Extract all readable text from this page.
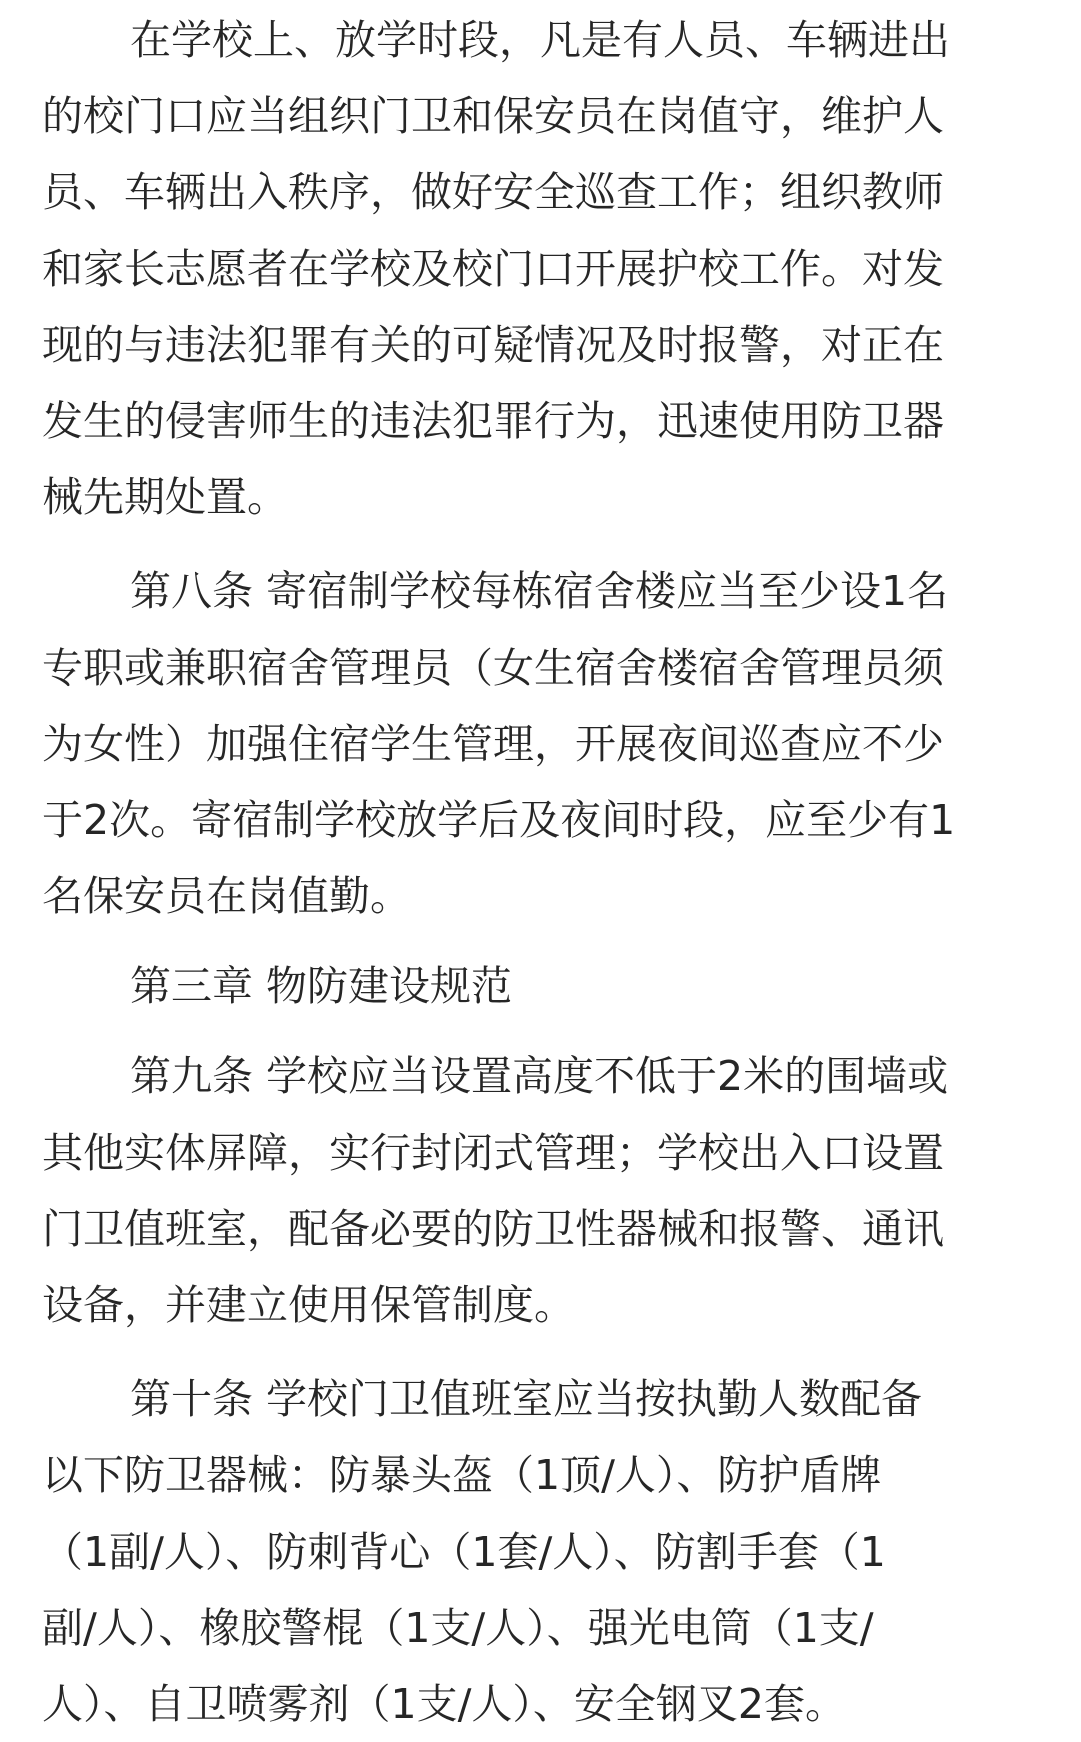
在学校上、放学时段，凡是有人员、车辆进出
的校门口应当组织门卫和保安员在岗值守，维护人
员、车辆出入秩序，做好安全巡查工作；组织教师
和家长志愿者在学校及校门口开展护校工作。对发
现的与违法犯罪有关的可疑情况及时报警，对正在
发生的侵害师生的违法犯罪行为，迅速使用防卫器
械先期处置。
第八条 寄宿制学校每栋宿舍楼应当至少设1名
专职或兼职宿舍管理员（女生宿舍楼宿舍管理员须
为女性）加强住宿学生管理，开展夜间巡查应不少
于2次。寄宿制学校放学后及夜间时段，应至少有1
名保安员在岗值勤。
第三章 物防建设规范
第九条 学校应当设置高度不低于2米的围墙或
其他实体屏障，实行封闭式管理；学校出入口设置
门卫值班室，配备必要的防卫性器械和报警、通讯
设备，并建立使用保管制度。
第十条 学校门卫值班室应当按执勤人数配备
以下防卫器械：防暴头盔（1顶/人）、防护盾牌
（1副/人）、防刺背心（1套/人）、防割手套（1
副/人）、橡胶警棍（1支/人）、强光电筒（1支/
人）、自卫喷雾剂（1支/人）、安全钢叉2套。
